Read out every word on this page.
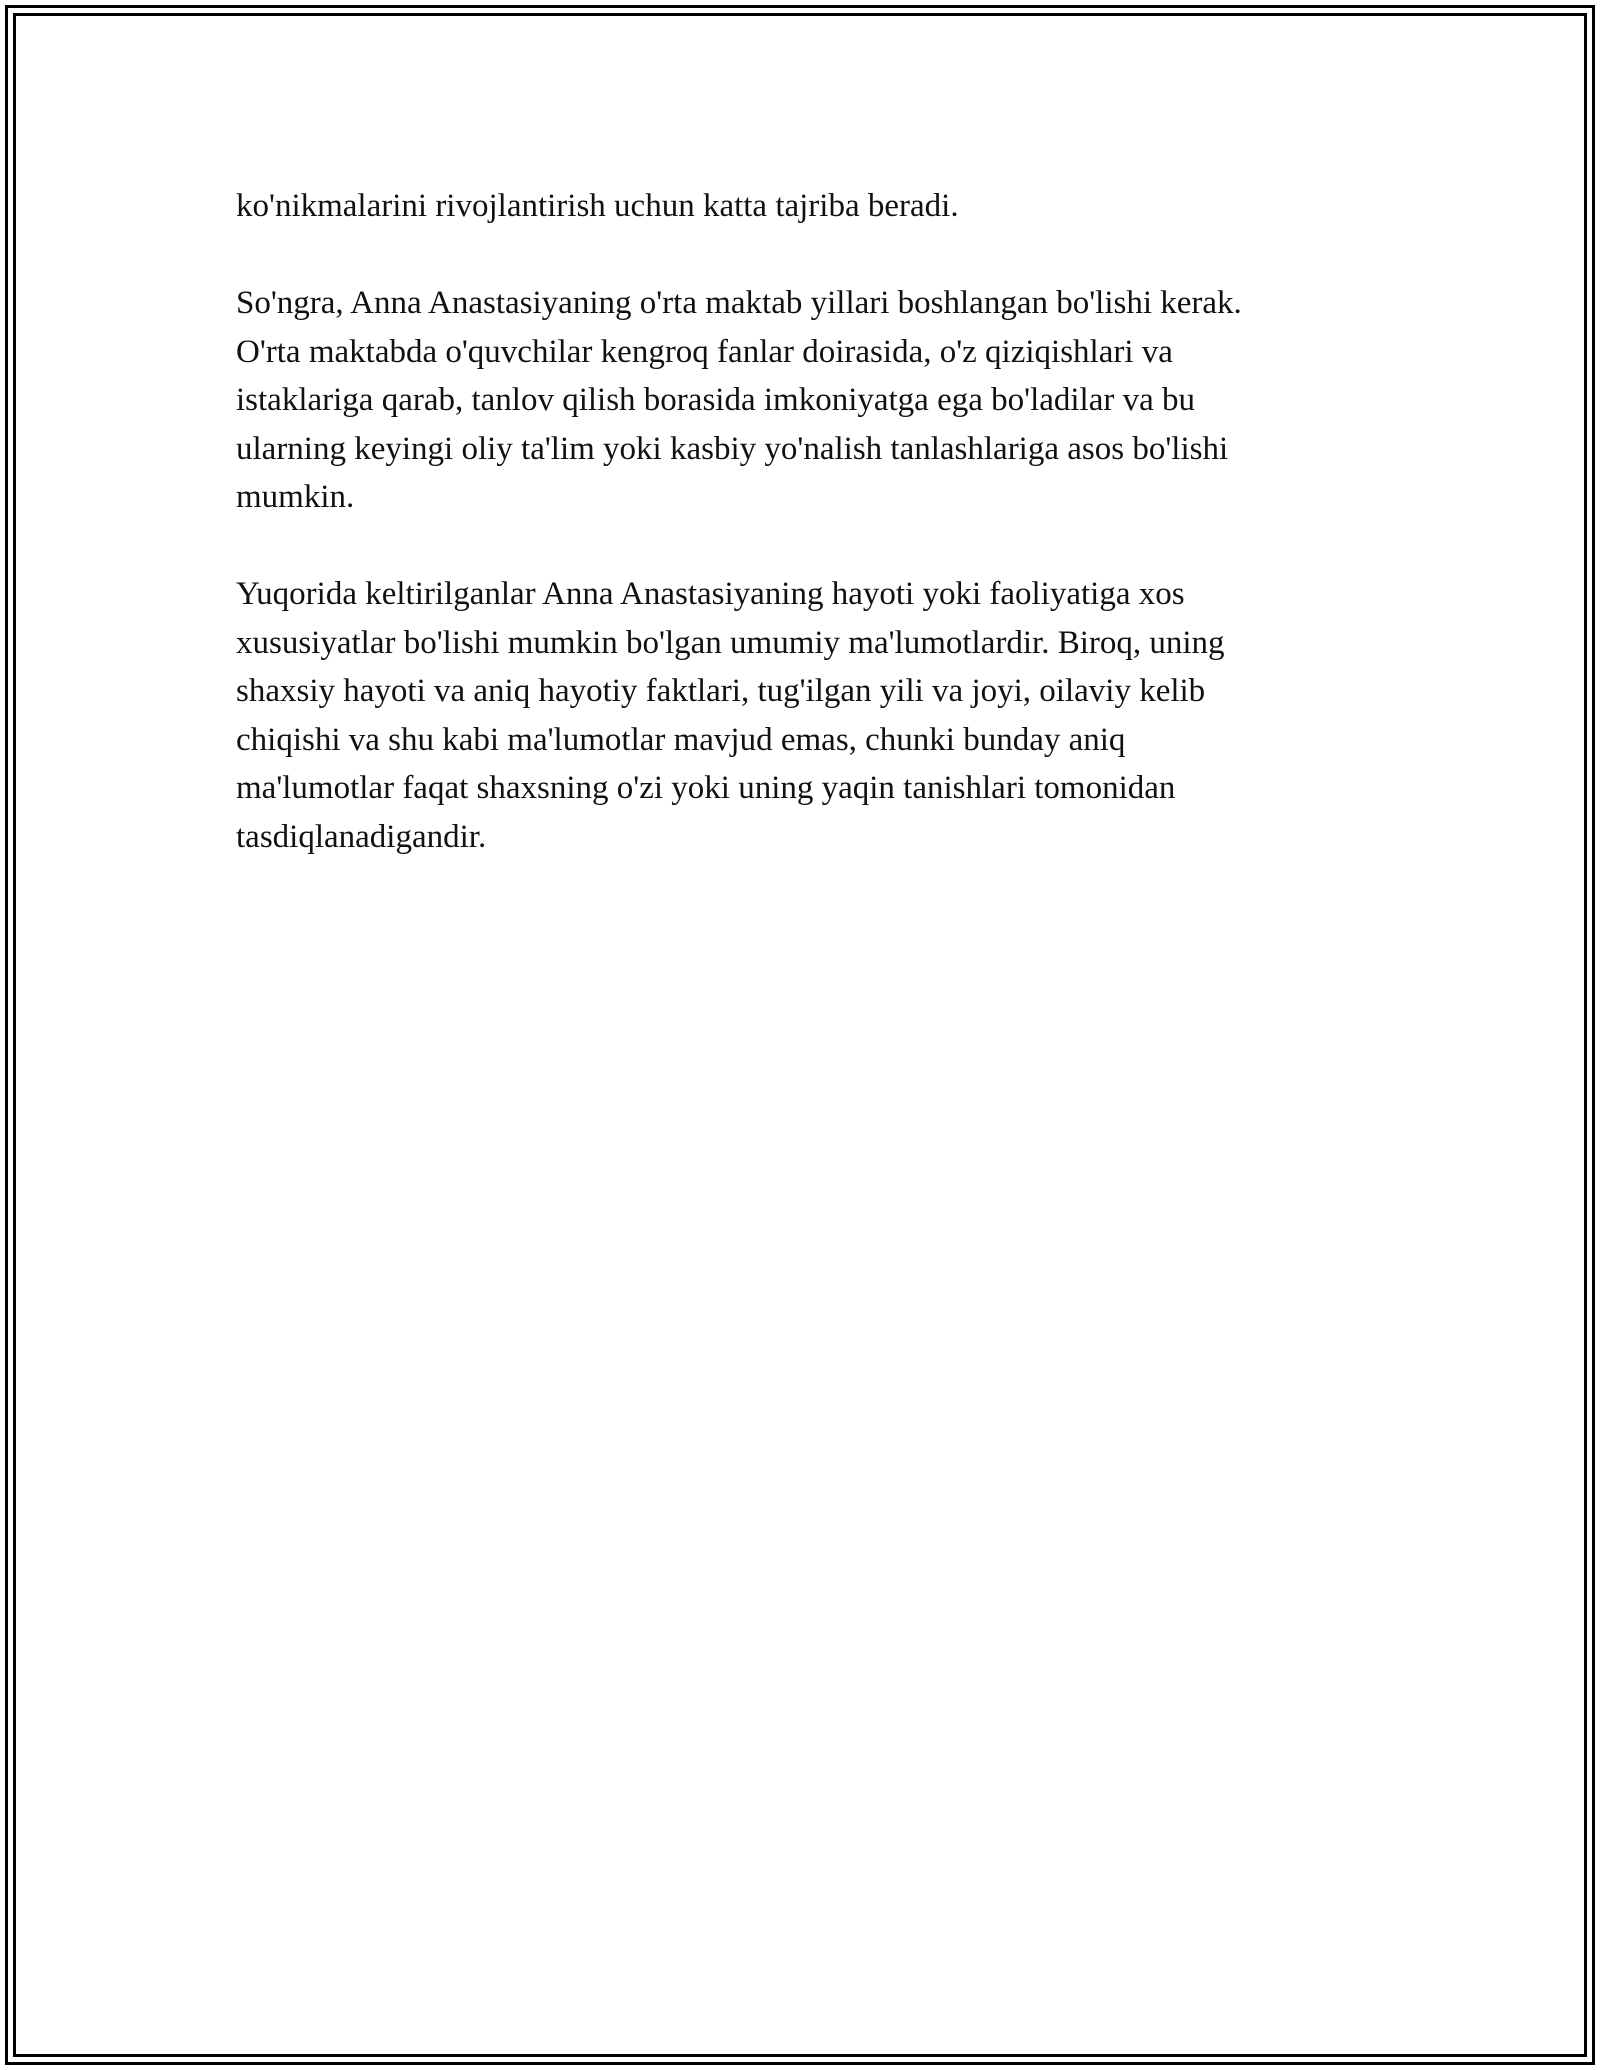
ko'nikmalarini rivojlantirish uchun katta tajriba beradi.

So'ngra, Anna Anastasiyaning o'rta maktab yillari boshlangan bo'lishi kerak.
O'rta maktabda o'quvchilar kengroq fanlar doirasida, o'z qiziqishlari va
istaklariga qarab, tanlov qilish borasida imkoniyatga ega bo'ladilar va bu
ularning keyingi oliy ta'lim yoki kasbiy yo'nalish tanlashlariga asos bo'lishi
mumkin.

Yuqorida keltirilganlar Anna Anastasiyaning hayoti yoki faoliyatiga xos
xususiyatlar bo'lishi mumkin bo'lgan umumiy ma'lumotlardir. Biroq, uning
shaxsiy hayoti va aniq hayotiy faktlari, tug'ilgan yili va joyi, oilaviy kelib
chiqishi va shu kabi ma'lumotlar mavjud emas, chunki bunday aniq
ma'lumotlar faqat shaxsning o'zi yoki uning yaqin tanishlari tomonidan
tasdiqlanadigandir.
